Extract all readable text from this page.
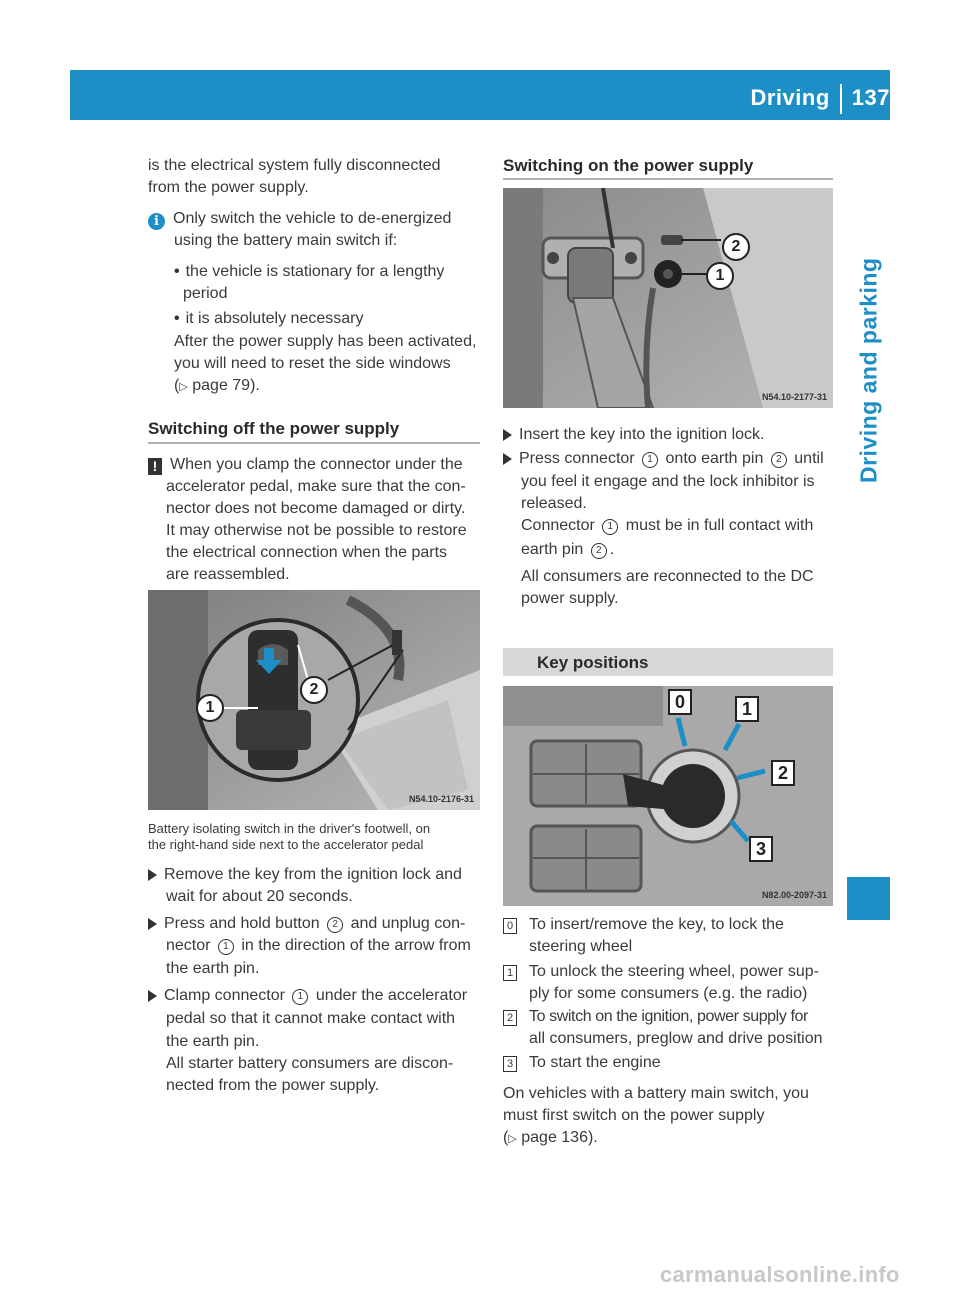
Driving 137
Driving and parking
is the electrical system fully disconnected
from the power supply.
i Only switch the vehicle to de-energized
using the battery main switch if:
• the vehicle is stationary for a lengthy
period
• it is absolutely necessary
After the power supply has been activated,
you will need to reset the side windows
(▷ page 79).
Switching off the power supply
! When you clamp the connector under the
accelerator pedal, make sure that the con-
nector does not become damaged or dirty.
It may otherwise not be possible to restore
the electrical connection when the parts
are reassembled.
1
2
N54.10-2176-31
Battery isolating switch in the driver's footwell, on
the right-hand side next to the accelerator pedal
Remove the key from the ignition lock and
wait for about 20 seconds.
Press and hold button 2 and unplug con-
nector 1 in the direction of the arrow from
the earth pin.
Clamp connector 1 under the accelerator
pedal so that it cannot make contact with
the earth pin.
All starter battery consumers are discon-
nected from the power supply.
Switching on the power supply
2
1
N54.10-2177-31
Insert the key into the ignition lock.
Press connector 1 onto earth pin 2 until
you feel it engage and the lock inhibitor is
released.
Connector 1 must be in full contact with
earth pin 2 .
All consumers are reconnected to the DC
power supply.
Key positions
0	1
2
3
N82.00-2097-31
0 To insert/remove the key, to lock the
steering wheel
1 To unlock the steering wheel, power sup-
ply for some consumers (e.g. the radio)
2 To switch on the ignition, power supply for
all consumers, preglow and drive position
3 To start the engine
On vehicles with a battery main switch, you
must first switch on the power supply
(▷ page 136).
carmanualsonline.info
